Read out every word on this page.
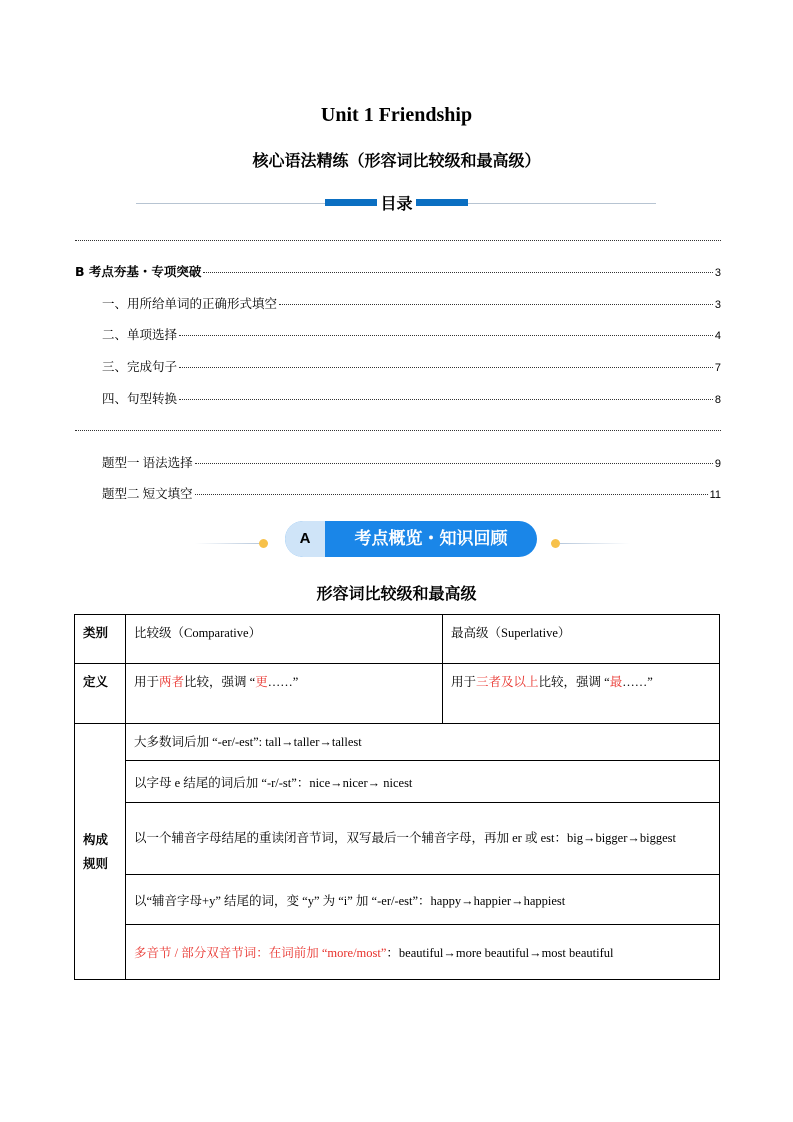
Unit 1 Friendship
核心语法精练（形容词比较级和最高级）
目录
B 考点夯基・专项突破	3
一、用所给单词的正确形式填空	3
二、单项选择	4
三、完成句子	7
四、句型转换	8
题型一 语法选择	9
题型二 短文填空	11
A	考点概览・知识回顾
形容词比较级和最高级
类别	比较级（Comparative）	最高级（Superlative）
定义	用于两者比较，强调 “更……”	用于三者及以上比较，强调 “最……”
构成规则	大多数词后加 “-er/-est”: tall→taller→tallest	
	以字母 e 结尾的词后加 “-r/-st”：nice→nicer→ nicest	
	以一个辅音字母结尾的重读闭音节词，双写最后一个辅音字母，再加 er 或 est：big→bigger→biggest	
	以“辅音字母+y” 结尾的词，变 “y” 为 “i” 加 “-er/-est”：happy→happier→happiest	
	多音节 / 部分双音节词：在词前加 “more/most”：beautiful→more beautiful→most beautiful	
